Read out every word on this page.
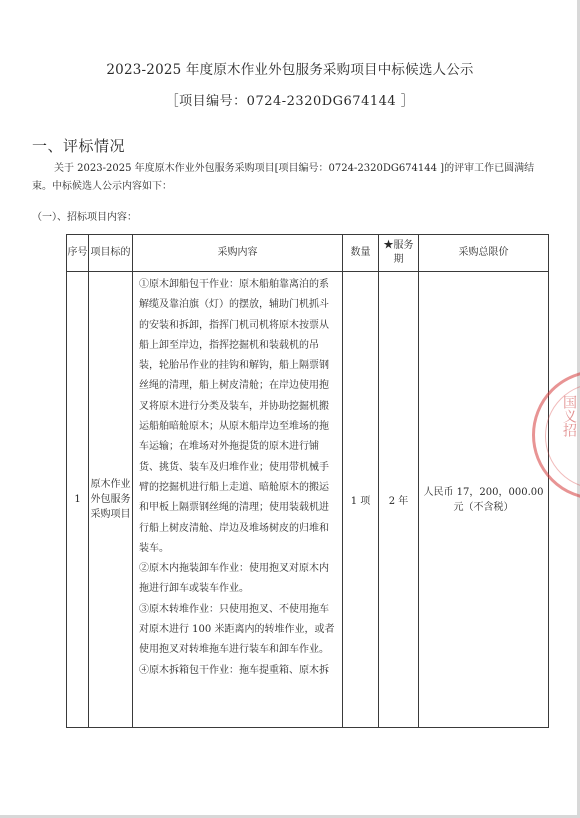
2023-2025 年度原木作业外包服务采购项目中标候选人公示
［项目编号：0724-2320DG674144 ］
一、评标情况
关于 2023-2025 年度原木作业外包服务采购项目[项目编号：0724-2320DG674144 ]的评审工作已圆满结束。中标候选人公示内容如下：
（一）、招标项目内容：
序号	项目标的	采购内容	数量	★服务期	采购总限价
1	原木作业外包服务采购项目	①原木卸船包干作业：原木船舶靠离泊的系解缆及靠泊旗（灯）的摆放，辅助门机抓斗的安装和拆卸，指挥门机司机将原木按票从船上卸至岸边，指挥挖掘机和装载机的吊装，轮胎吊作业的挂钩和解钩，船上隔票钢丝绳的清理，船上树皮清舱；在岸边使用抱叉将原木进行分类及装车，并协助挖掘机搬运船舶暗舱原木；从原木船岸边至堆场的拖车运输；在堆场对外拖提货的原木进行铺货、挑货、装车及归堆作业；使用带机械手臂的挖掘机进行船上走道、暗舱原木的搬运和甲板上隔票钢丝绳的清理；使用装载机进行船上树皮清舱、岸边及堆场树皮的归堆和装车。

②原木内拖装卸车作业：使用抱叉对原木内拖进行卸车或装车作业。

③原木转堆作业：只使用抱叉、不使用拖车对原木进行 100 米距离内的转堆作业，或者使用抱叉对转堆拖车进行装车和卸车作业。

④原木拆箱包干作业：拖车提重箱、原木拆	1 项	2 年	人民币 17，200，000.00 元（不含税）
国义招
